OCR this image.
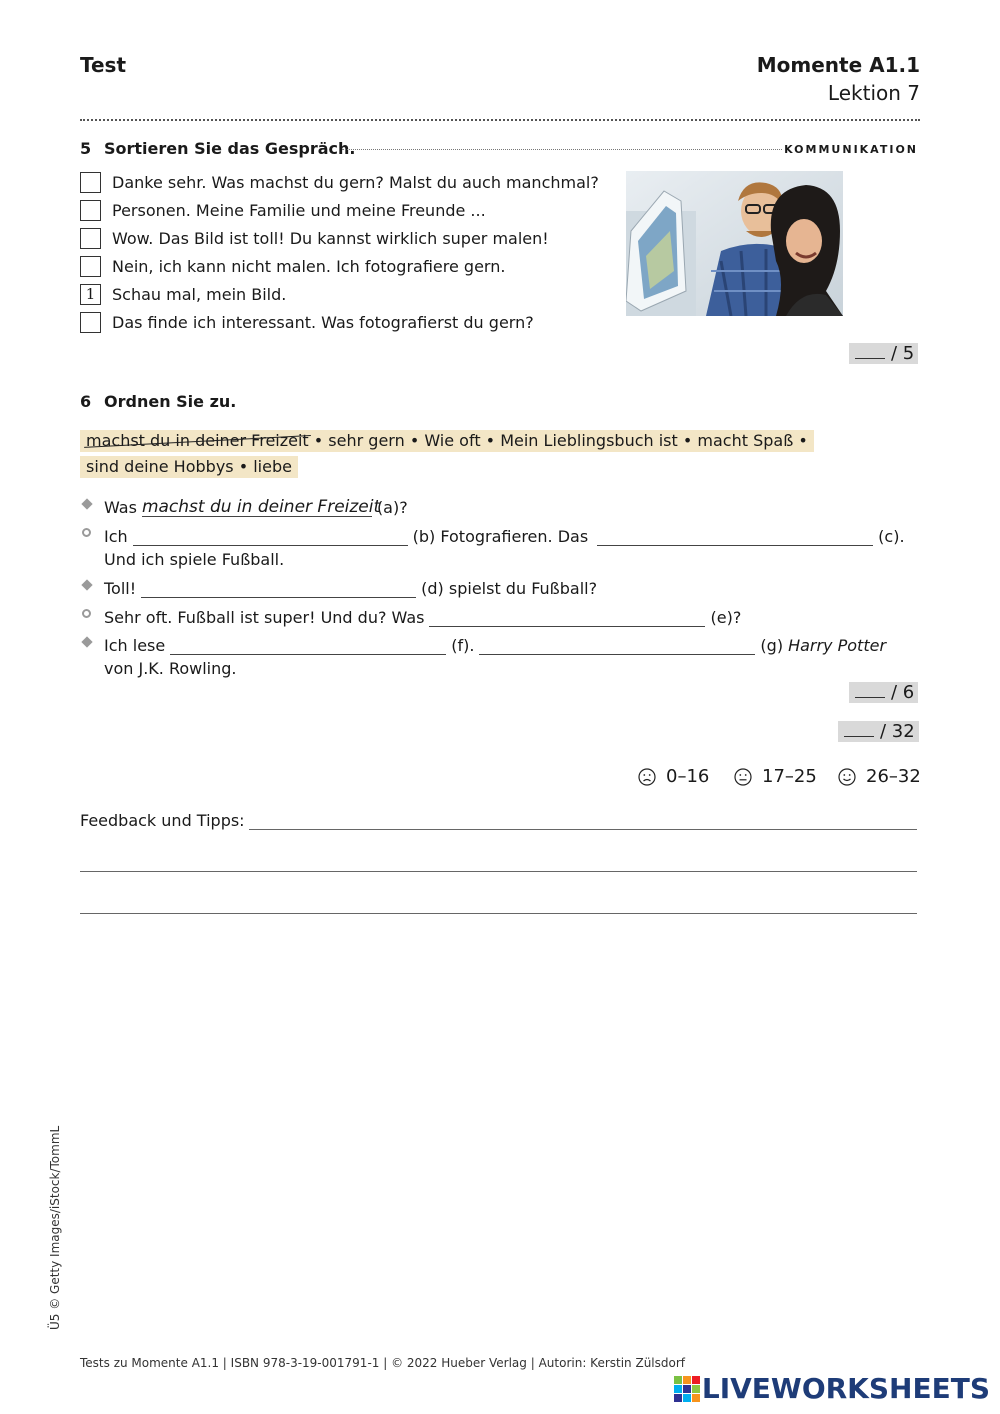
Test	Momente A1.1
Lektion 7
5 Sortieren Sie das Gespräch.	KOMMUNIKATION
Danke sehr. Was machst du gern? Malst du auch manchmal?
Personen. Meine Familie und meine Freunde ...
Wow. Das Bild ist toll! Du kannst wirklich super malen!
Nein, ich kann nicht malen. Ich fotografiere gern.
1	Schau mal, mein Bild.
Das finde ich interessant. Was fotografierst du gern?
/ 5
6 Ordnen Sie zu.
machst du in deiner Freizeit • sehr gern • Wie oft • Mein Lieblingsbuch ist • macht Spaß •
sind deine Hobbys • liebe
Was machst du in deiner Freizeit
(a)?
Ich	(b) Fotografieren. Das	(c).
Und ich spiele Fußball.
Toll!	(d) spielst du Fußball?
Sehr oft. Fußball ist super! Und du? Was	(e)?
Ich lese	(f).	(g) Harry Potter
von J.K. Rowling.
/ 6
/ 32
0–16	17–25	26–32
Feedback und Tipps:
Ü5 © Getty Images/iStock/TommL
Tests zu Momente A1.1 | ISBN 978-3-19-001791-1 | © 2022 Hueber Verlag | Autorin: Kerstin Zülsdorf
LIVEWORKSHEETS
